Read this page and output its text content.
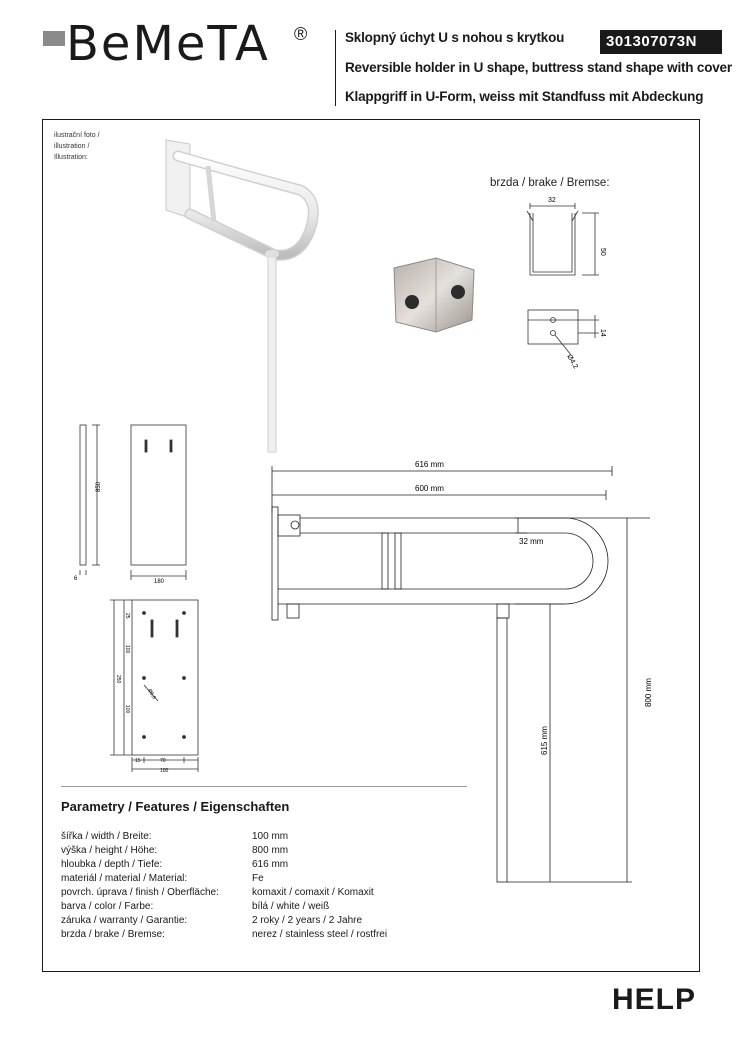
BeMeTA ®	Sklopný úchyt U s nohou s krytkou
Reversible holder in U shape, buttress stand shape with cover
Klappgriff in U-Form, weiss mit Standfuss mit Abdeckung
301307073N
ilustrační foto /
illustration /
Illustration:
brzda / brake / Bremse:
32
50
14
Ø4,2
850
6	180
25
100
250
100
Ø6,6
15	70
100
616 mm
600 mm
32 mm
800 mm
615 mm
Parametry / Features / Eigenschaften
šířka / width / Breite:	100 mm
výška / height / Höhe:	800 mm
hloubka / depth / Tiefe:	616 mm
materiál / material / Material:	Fe
povrch. úprava / finish / Oberfläche:	komaxit / comaxit / Komaxit
barva / color / Farbe:	bílá / white / weiß
záruka / warranty / Garantie:	2 roky / 2 years / 2 Jahre
brzda / brake / Bremse:	nerez / stainless steel / rostfrei
HELP
